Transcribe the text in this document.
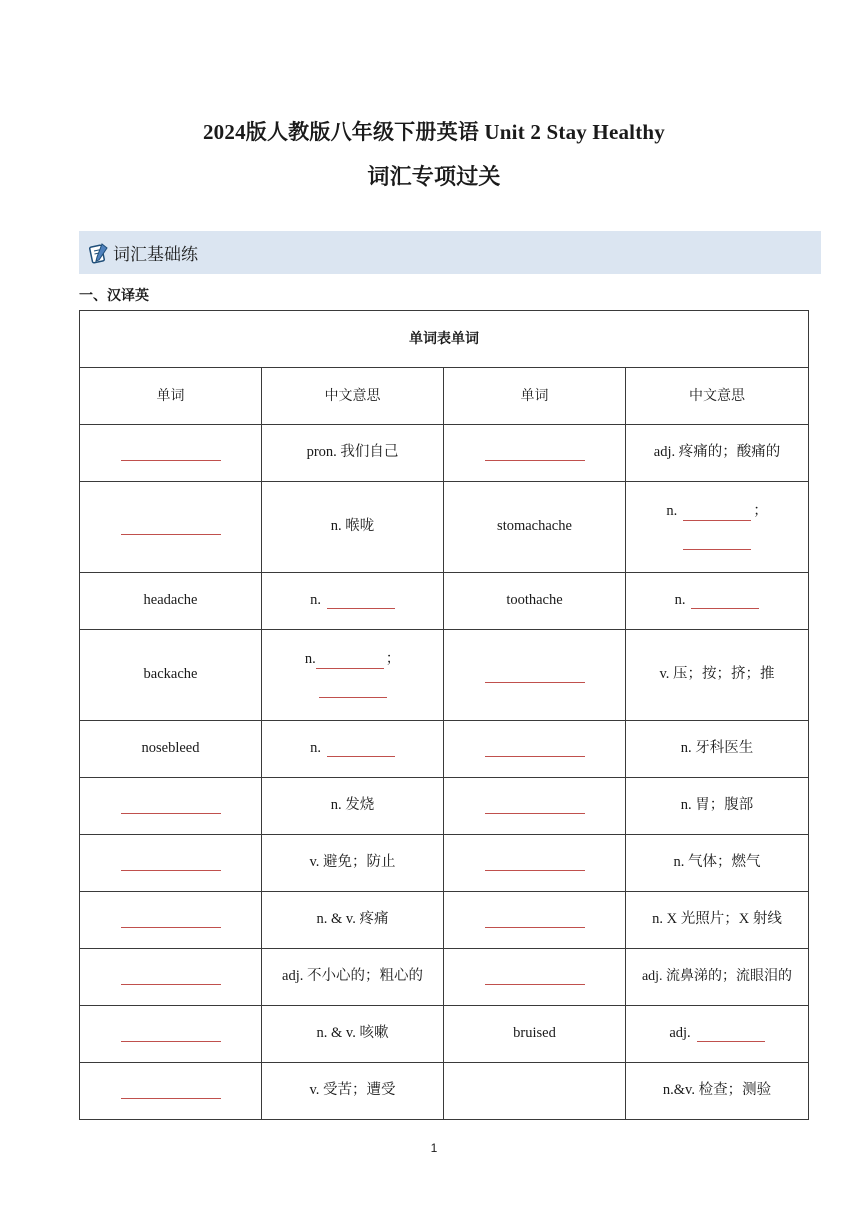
2024版人教版八年级下册英语 Unit 2 Stay Healthy
词汇专项过关
词汇基础练
一、汉译英
单词表单词			
单词	中文意思	单词	中文意思
	pron. 我们自己		adj. 疼痛的；酸痛的
	n. 喉咙	stomachache	n. ；

headache	n.	toothache	n.
backache	n. ；		v. 压；按；挤；推
nosebleed	n.		n. 牙科医生
	n. 发烧		n. 胃；腹部
	v. 避免；防止		n. 气体；燃气
	n. & v. 疼痛		n. X 光照片；X 射线
	adj. 不小心的；粗心的		adj. 流鼻涕的；流眼泪的
	n. & v. 咳嗽	bruised	adj.
	v. 受苦；遭受		n.&v. 检查；测验
1
